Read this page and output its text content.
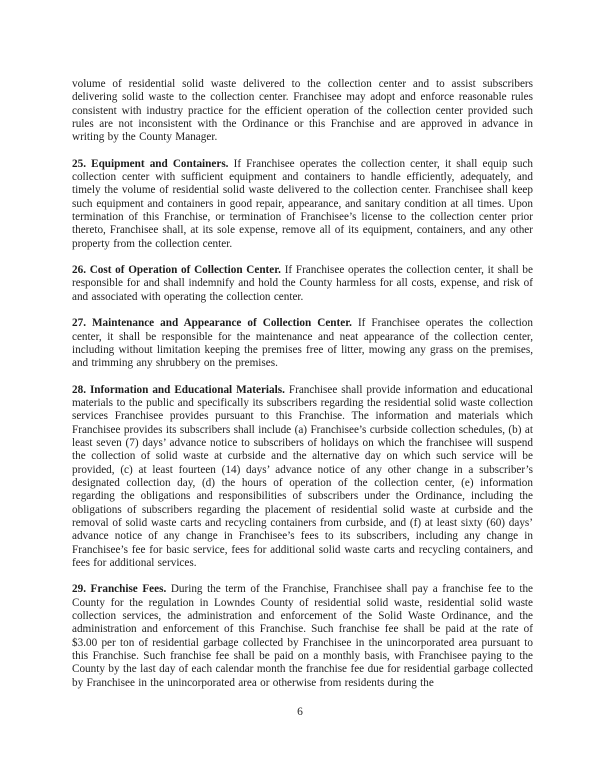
volume of residential solid waste delivered to the collection center and to assist subscribers delivering solid waste to the collection center. Franchisee may adopt and enforce reasonable rules consistent with industry practice for the efficient operation of the collection center provided such rules are not inconsistent with the Ordinance or this Franchise and are approved in advance in writing by the County Manager.

25. Equipment and Containers. If Franchisee operates the collection center, it shall equip such collection center with sufficient equipment and containers to handle efficiently, adequately, and timely the volume of residential solid waste delivered to the collection center. Franchisee shall keep such equipment and containers in good repair, appearance, and sanitary condition at all times. Upon termination of this Franchise, or termination of Franchisee’s license to the collection center prior thereto, Franchisee shall, at its sole expense, remove all of its equipment, containers, and any other property from the collection center.

26. Cost of Operation of Collection Center. If Franchisee operates the collection center, it shall be responsible for and shall indemnify and hold the County harmless for all costs, expense, and risk of and associated with operating the collection center.

27. Maintenance and Appearance of Collection Center. If Franchisee operates the collection center, it shall be responsible for the maintenance and neat appearance of the collection center, including without limitation keeping the premises free of litter, mowing any grass on the premises, and trimming any shrubbery on the premises.

28. Information and Educational Materials. Franchisee shall provide information and educational materials to the public and specifically its subscribers regarding the residential solid waste collection services Franchisee provides pursuant to this Franchise. The information and materials which Franchisee provides its subscribers shall include (a) Franchisee’s curbside collection schedules, (b) at least seven (7) days’ advance notice to subscribers of holidays on which the franchisee will suspend the collection of solid waste at curbside and the alternative day on which such service will be provided, (c) at least fourteen (14) days’ advance notice of any other change in a subscriber’s designated collection day, (d) the hours of operation of the collection center, (e) information regarding the obligations and responsibilities of subscribers under the Ordinance, including the obligations of subscribers regarding the placement of residential solid waste at curbside and the removal of solid waste carts and recycling containers from curbside, and (f) at least sixty (60) days’ advance notice of any change in Franchisee’s fees to its subscribers, including any change in Franchisee’s fee for basic service, fees for additional solid waste carts and recycling containers, and fees for additional services.

29. Franchise Fees. During the term of the Franchise, Franchisee shall pay a franchise fee to the County for the regulation in Lowndes County of residential solid waste, residential solid waste collection services, the administration and enforcement of the Solid Waste Ordinance, and the administration and enforcement of this Franchise. Such franchise fee shall be paid at the rate of $3.00 per ton of residential garbage collected by Franchisee in the unincorporated area pursuant to this Franchise. Such franchise fee shall be paid on a monthly basis, with Franchisee paying to the County by the last day of each calendar month the franchise fee due for residential garbage collected by Franchisee in the unincorporated area or otherwise from residents during the

6
